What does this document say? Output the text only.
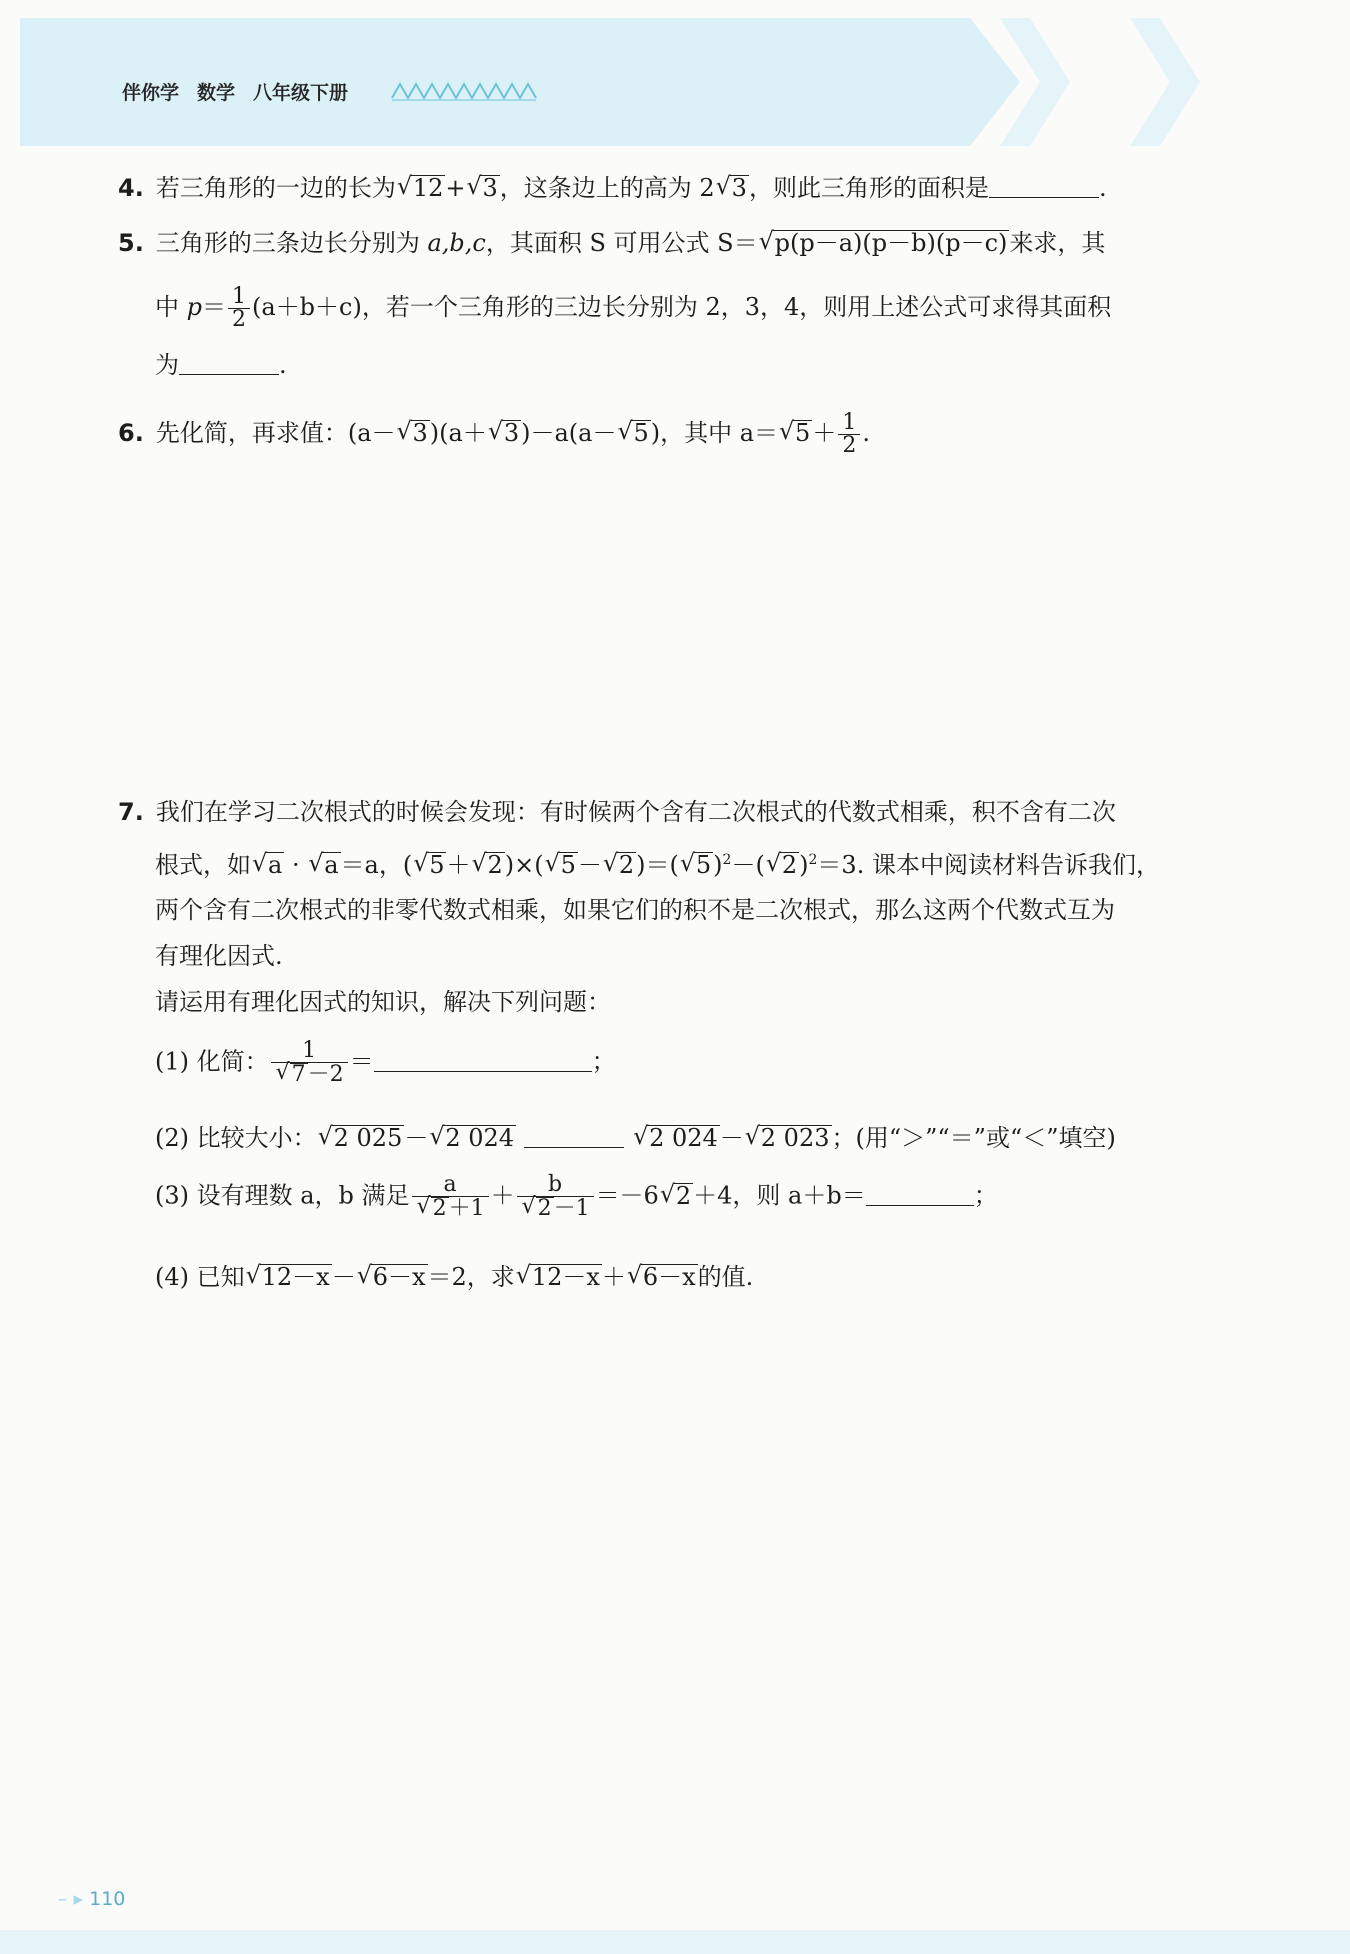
伴你学 数学 八年级下册
4. 若三角形的一边的长为 √ 12+ √ 3，这条边上的高为 2 √ 3，则此三角形的面积是	.
5. 三角形的三条边长分别为 a,b,c，其面积 S 可用公式 S＝ √ p(p－a)(p－b)(p－c)来求，其
中 $p= \frac{1}{2} (a+b+c)$，若一个三角形的三边长分别为 2，3，4，则用上述公式可求得其面积
为	.
6. 先化简，再求值：(a－ √ 3)(a＋ √ 3)－a(a－ √ 5)，其中 a＝ √ $5+ \frac{1}{2}$ .
7. 我们在学习二次根式的时候会发现：有时候两个含有二次根式的代数式相乘，积不含有二次
根式，如 √ a · √ a＝a，( √ 5＋ √ 2)×( √ 5－ √ 2)＝( √ 5)$^2$－( √ 2)$^2$＝3. 课本中阅读材料告诉我们，
两个含有二次根式的非零代数式相乘，如果它们的积不是二次根式，那么这两个代数式互为
有理化因式.
请运用有理化因式的知识，解决下列问题：
(1) 化简： 1
√ 7－2 ＝	；
(2) 比较大小： √ 2 025－ √ 2 024	√ 2 024－ √ 2 023；(用“＞”“＝”或“＜”填空)
(3) 设有理数 a，b 满足 a
√ 2＋1 ＋ b
√ 2－1 ＝－6 √ 2＋4，则 a＋b＝	；
(4) 已知 √ 12－x－ √ 6－x＝2，求 √ 12－x＋ √ 6－x的值.
– ▸ 110
